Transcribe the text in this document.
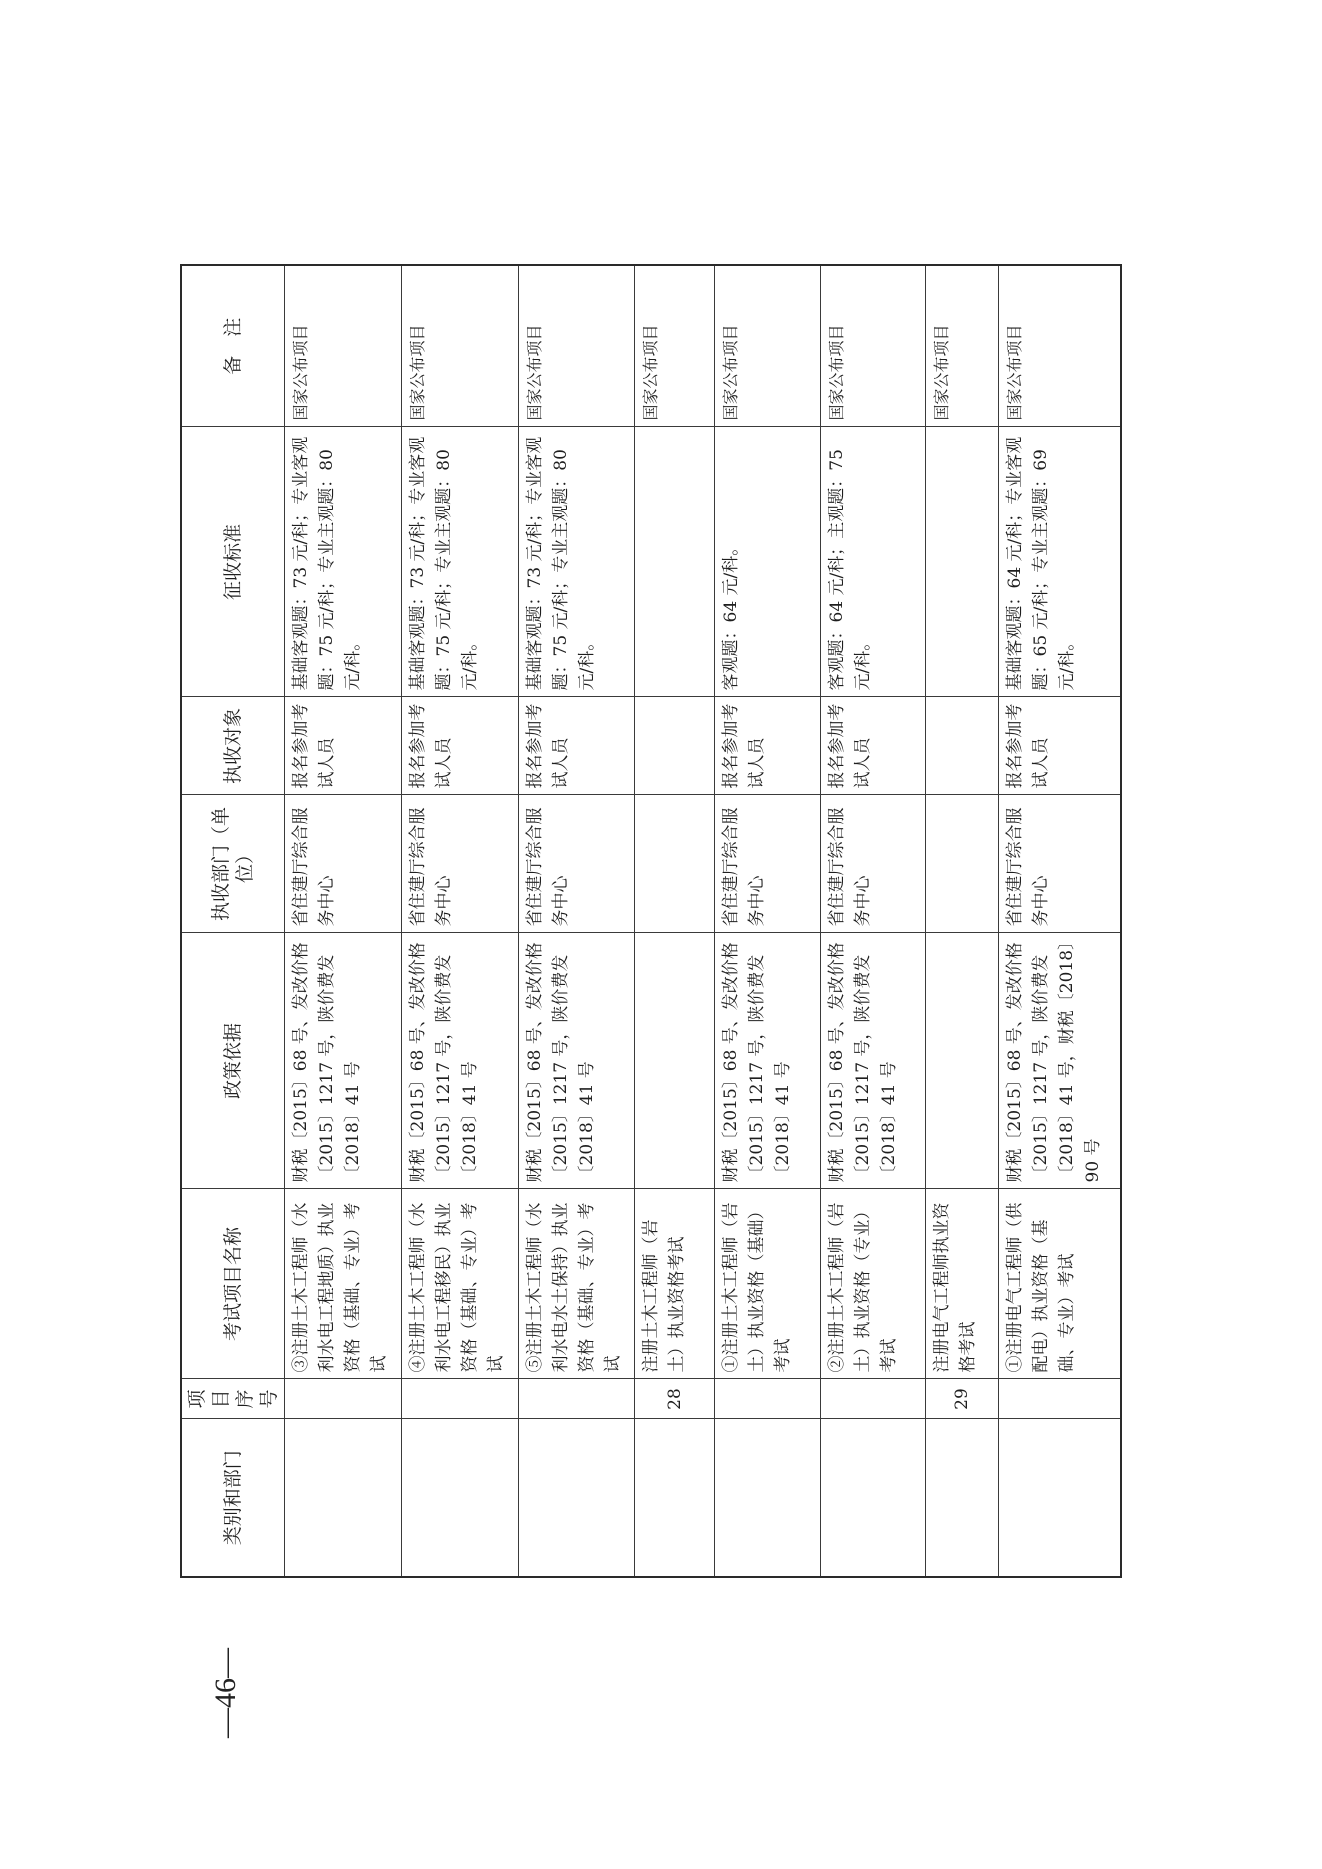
类别和部门	项目序号	考试项目名称	政策依据	执收部门（单位）	执收对象	征收标准	备　注
		③注册土木工程师（水利水电工程地质）执业资格（基础、专业）考试	财税〔2015〕68 号、发改价格〔2015〕1217 号，陕价费发〔2018〕41 号	省住建厅综合服务中心	报名参加考试人员	基础客观题：73 元/科；专业客观题：75 元/科；专业主观题：80 元/科。	国家公布项目
		④注册土木工程师（水利水电工程移民）执业资格（基础、专业）考试	财税〔2015〕68 号、发改价格〔2015〕1217 号，陕价费发〔2018〕41 号	省住建厅综合服务中心	报名参加考试人员	基础客观题：73 元/科；专业客观题：75 元/科；专业主观题：80 元/科。	国家公布项目
		⑤注册土木工程师（水利水电水土保持）执业资格（基础、专业）考试	财税〔2015〕68 号、发改价格〔2015〕1217 号，陕价费发〔2018〕41 号	省住建厅综合服务中心	报名参加考试人员	基础客观题：73 元/科；专业客观题：75 元/科；专业主观题：80 元/科。	国家公布项目
	28	注册土木工程师（岩土）执业资格考试					国家公布项目
		①注册土木工程师（岩土）执业资格（基础）考试	财税〔2015〕68 号、发改价格〔2015〕1217 号，陕价费发〔2018〕41 号	省住建厅综合服务中心	报名参加考试人员	客观题：64 元/科。	国家公布项目
		②注册土木工程师（岩土）执业资格（专业）考试	财税〔2015〕68 号、发改价格〔2015〕1217 号，陕价费发〔2018〕41 号	省住建厅综合服务中心	报名参加考试人员	客观题：64 元/科；主观题：75 元/科。	国家公布项目
	29	注册电气工程师执业资格考试					国家公布项目
		①注册电气工程师（供配电）执业资格（基础、专业）考试	财税〔2015〕68 号、发改价格〔2015〕1217 号，陕价费发〔2018〕41 号，财税〔2018〕90 号	省住建厅综合服务中心	报名参加考试人员	基础客观题：64 元/科；专业客观题：65 元/科；专业主观题：69 元/科。	国家公布项目
—46—
